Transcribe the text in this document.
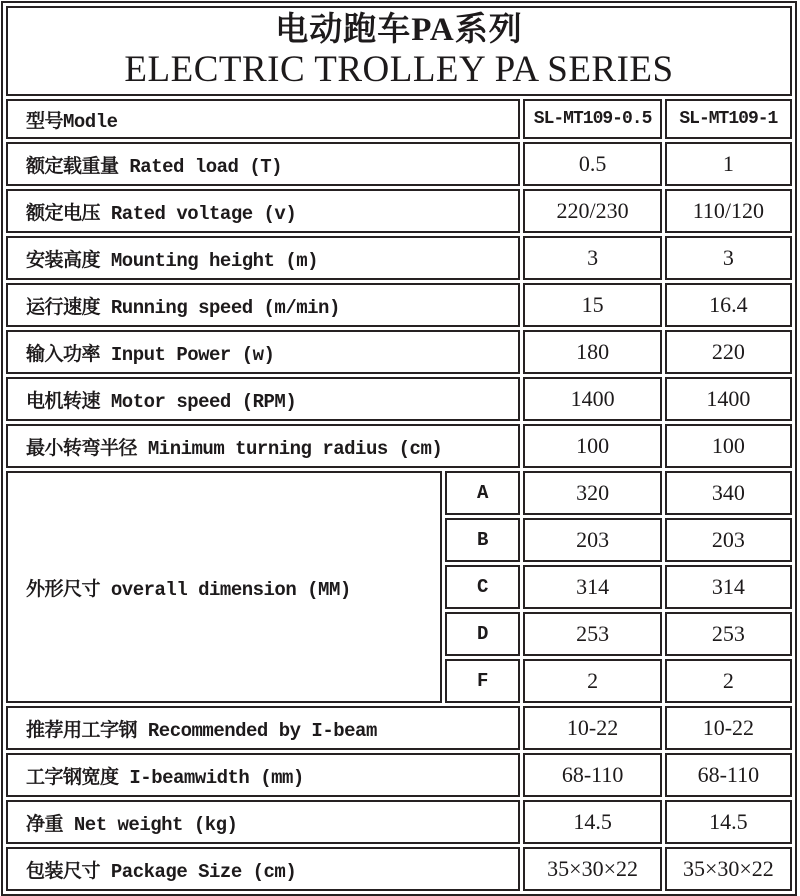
电动跑车PA系列
ELECTRIC TROLLEY PA SERIES			

型号Modle		SL-MT109-0.5	SL-MT109-1
额定载重量 Rated load (T)		0.5	1
额定电压 Rated voltage (v)		220/230	110/120
安装高度 Mounting height (m)		3	3
运行速度 Running speed (m/min)		15	16.4
输入功率 Input Power (w)		180	220
电机转速 Motor speed (RPM)		1400	1400
最小转弯半径 Minimum turning radius (cm)		100	100
外形尺寸 overall dimension (MM)	A	320	340
	B	203	203
	C	314	314
	D	253	253
	F	2	2
推荐用工字钢 Recommended by I-beam		10-22	10-22
工字钢宽度 I-beamwidth (mm)		68-110	68-110
净重 Net weight (kg)		14.5	14.5
包装尺寸 Package Size (cm)		35×30×22	35×30×22
